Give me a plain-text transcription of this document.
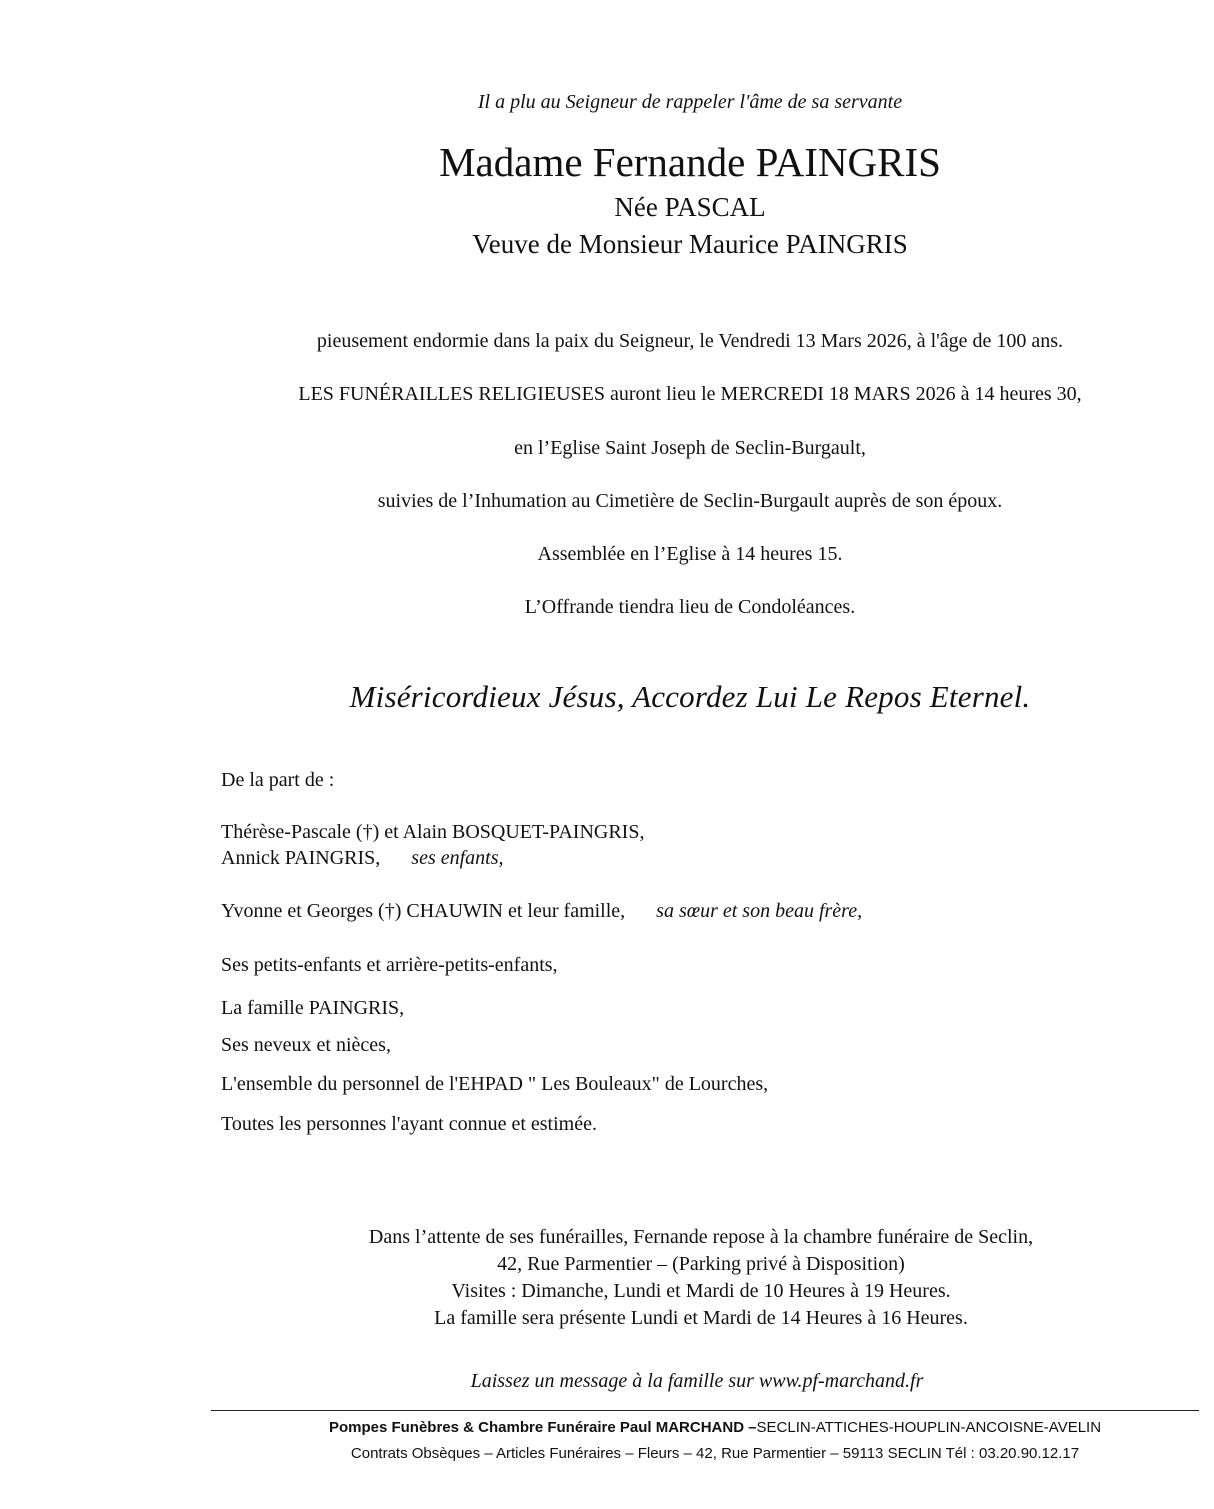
Il a plu au Seigneur de rappeler l'âme de sa servante
Madame Fernande PAINGRIS
Née PASCAL
Veuve de Monsieur Maurice PAINGRIS
pieusement endormie dans la paix du Seigneur, le Vendredi 13 Mars 2026, à l'âge de 100 ans.
LES FUNÉRAILLES RELIGIEUSES auront lieu le MERCREDI 18 MARS 2026 à 14 heures 30,
en l’Eglise Saint Joseph de Seclin-Burgault,
suivies de l’Inhumation au Cimetière de Seclin-Burgault auprès de son époux.
Assemblée en l’Eglise à 14 heures 15.
L’Offrande tiendra lieu de Condoléances.
Miséricordieux Jésus, Accordez Lui Le Repos Eternel.
De la part de :
Thérèse-Pascale (†) et Alain BOSQUET-PAINGRIS,
Annick PAINGRIS, ses enfants,
Yvonne et Georges (†) CHAUWIN et leur famille, sa sœur et son beau frère,
Ses petits-enfants et arrière-petits-enfants,
La famille PAINGRIS,
Ses neveux et nièces,
L'ensemble du personnel de l'EHPAD " Les Bouleaux" de Lourches,
Toutes les personnes l'ayant connue et estimée.
Dans l’attente de ses funérailles, Fernande repose à la chambre funéraire de Seclin,
42, Rue Parmentier – (Parking privé à Disposition)
Visites : Dimanche, Lundi et Mardi de 10 Heures à 19 Heures.
La famille sera présente Lundi et Mardi de 14 Heures à 16 Heures.
Laissez un message à la famille sur www.pf-marchand.fr
Pompes Funèbres & Chambre Funéraire Paul MARCHAND –SECLIN-ATTICHES-HOUPLIN-ANCOISNE-AVELIN
Contrats Obsèques – Articles Funéraires – Fleurs – 42, Rue Parmentier – 59113 SECLIN Tél : 03.20.90.12.17
